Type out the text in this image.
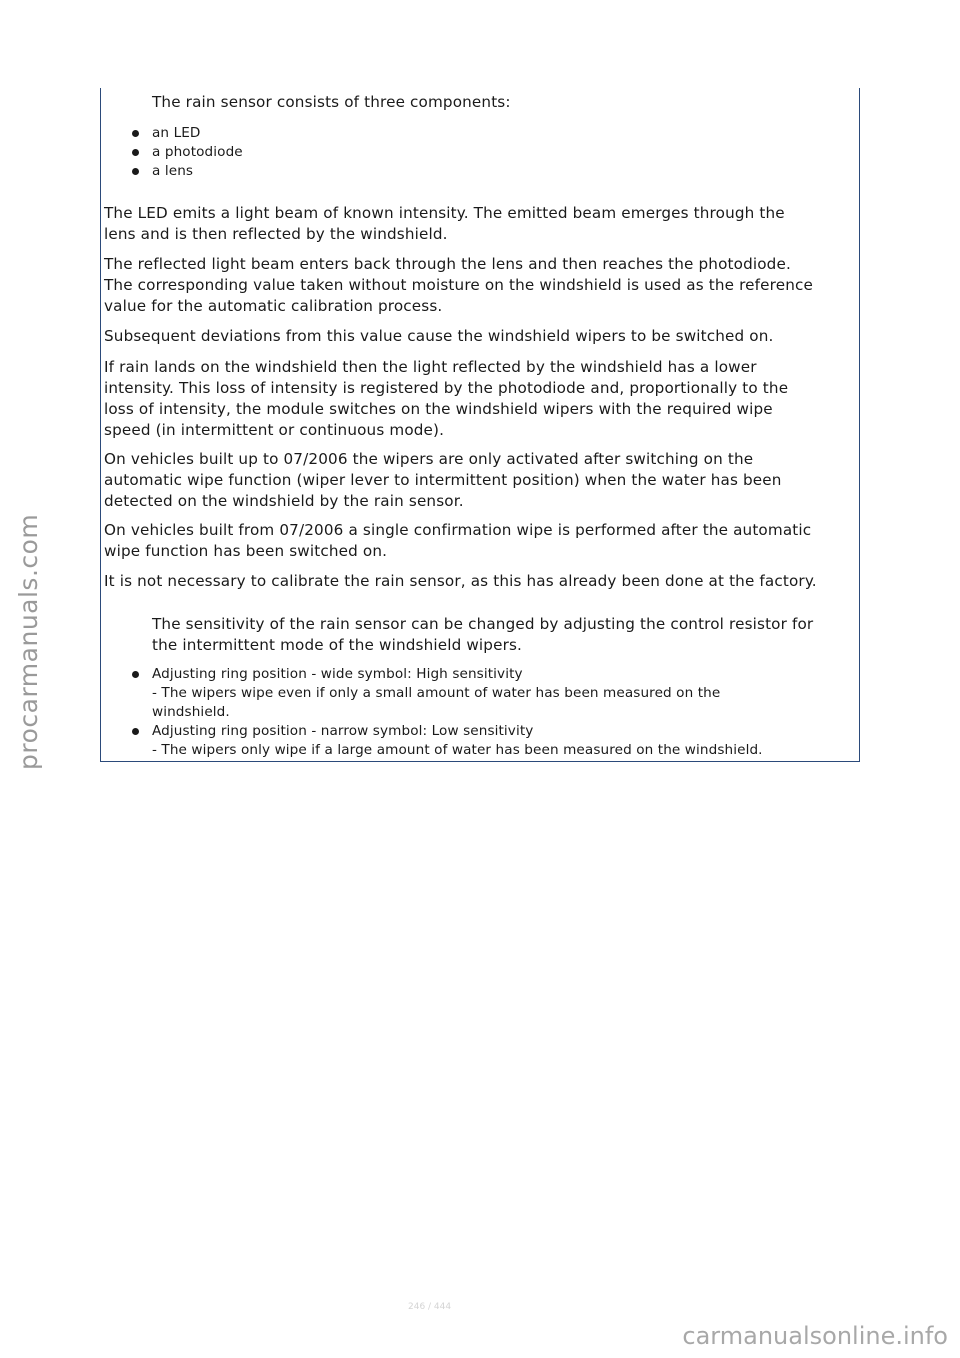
The rain sensor consists of three components:

an LED

a photodiode

a lens

The LED emits a light beam of known intensity. The emitted beam emerges through the

lens and is then reflected by the windshield.

The reflected light beam enters back through the lens and then reaches the photodiode.

The corresponding value taken without moisture on the windshield is used as the reference

value for the automatic calibration process.

Subsequent deviations from this value cause the windshield wipers to be switched on.

If rain lands on the windshield then the light reflected by the windshield has a lower

intensity. This loss of intensity is registered by the photodiode and, proportionally to the

loss of intensity, the module switches on the windshield wipers with the required wipe

speed (in intermittent or continuous mode).

On vehicles built up to 07/2006 the wipers are only activated after switching on the

automatic wipe function (wiper lever to intermittent position) when the water has been

detected on the windshield by the rain sensor.

On vehicles built from 07/2006 a single confirmation wipe is performed after the automatic

wipe function has been switched on.

It is not necessary to calibrate the rain sensor, as this has already been done at the factory.

The sensitivity of the rain sensor can be changed by adjusting the control resistor for

the intermittent mode of the windshield wipers.

Adjusting ring position - wide symbol: High sensitivity

- The wipers wipe even if only a small amount of water has been measured on the

windshield.

Adjusting ring position - narrow symbol: Low sensitivity

- The wipers only wipe if a large amount of water has been measured on the windshield.

246 / 444
procarmanuals.com
carmanualsonline.info
